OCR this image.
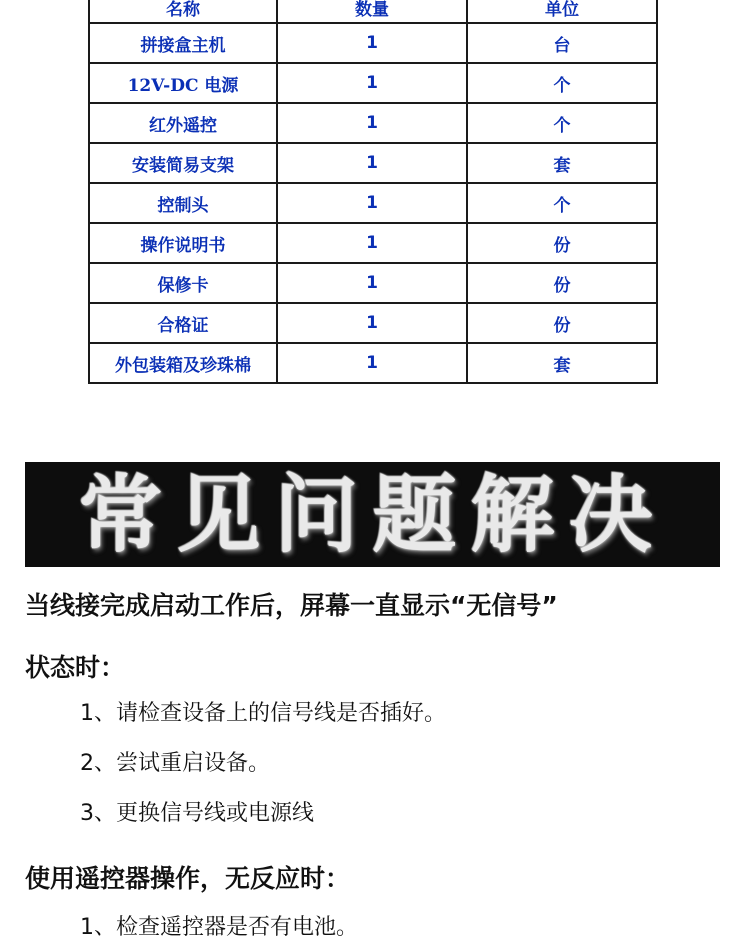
名称	数量	单位
拼接盒主机	1	台
12V-DC 电源	1	个
红外遥控	1	个
安装简易支架	1	套
控制头	1	个
操作说明书	1	份
保修卡	1	份
合格证	1	份
外包装箱及珍珠棉	1	套
常见问题解决
当线接完成启动工作后，屏幕一直显示“无信号”
状态时：
1、请检查设备上的信号线是否插好。
2、尝试重启设备。
3、更换信号线或电源线
使用遥控器操作，无反应时：
1、检查遥控器是否有电池。
